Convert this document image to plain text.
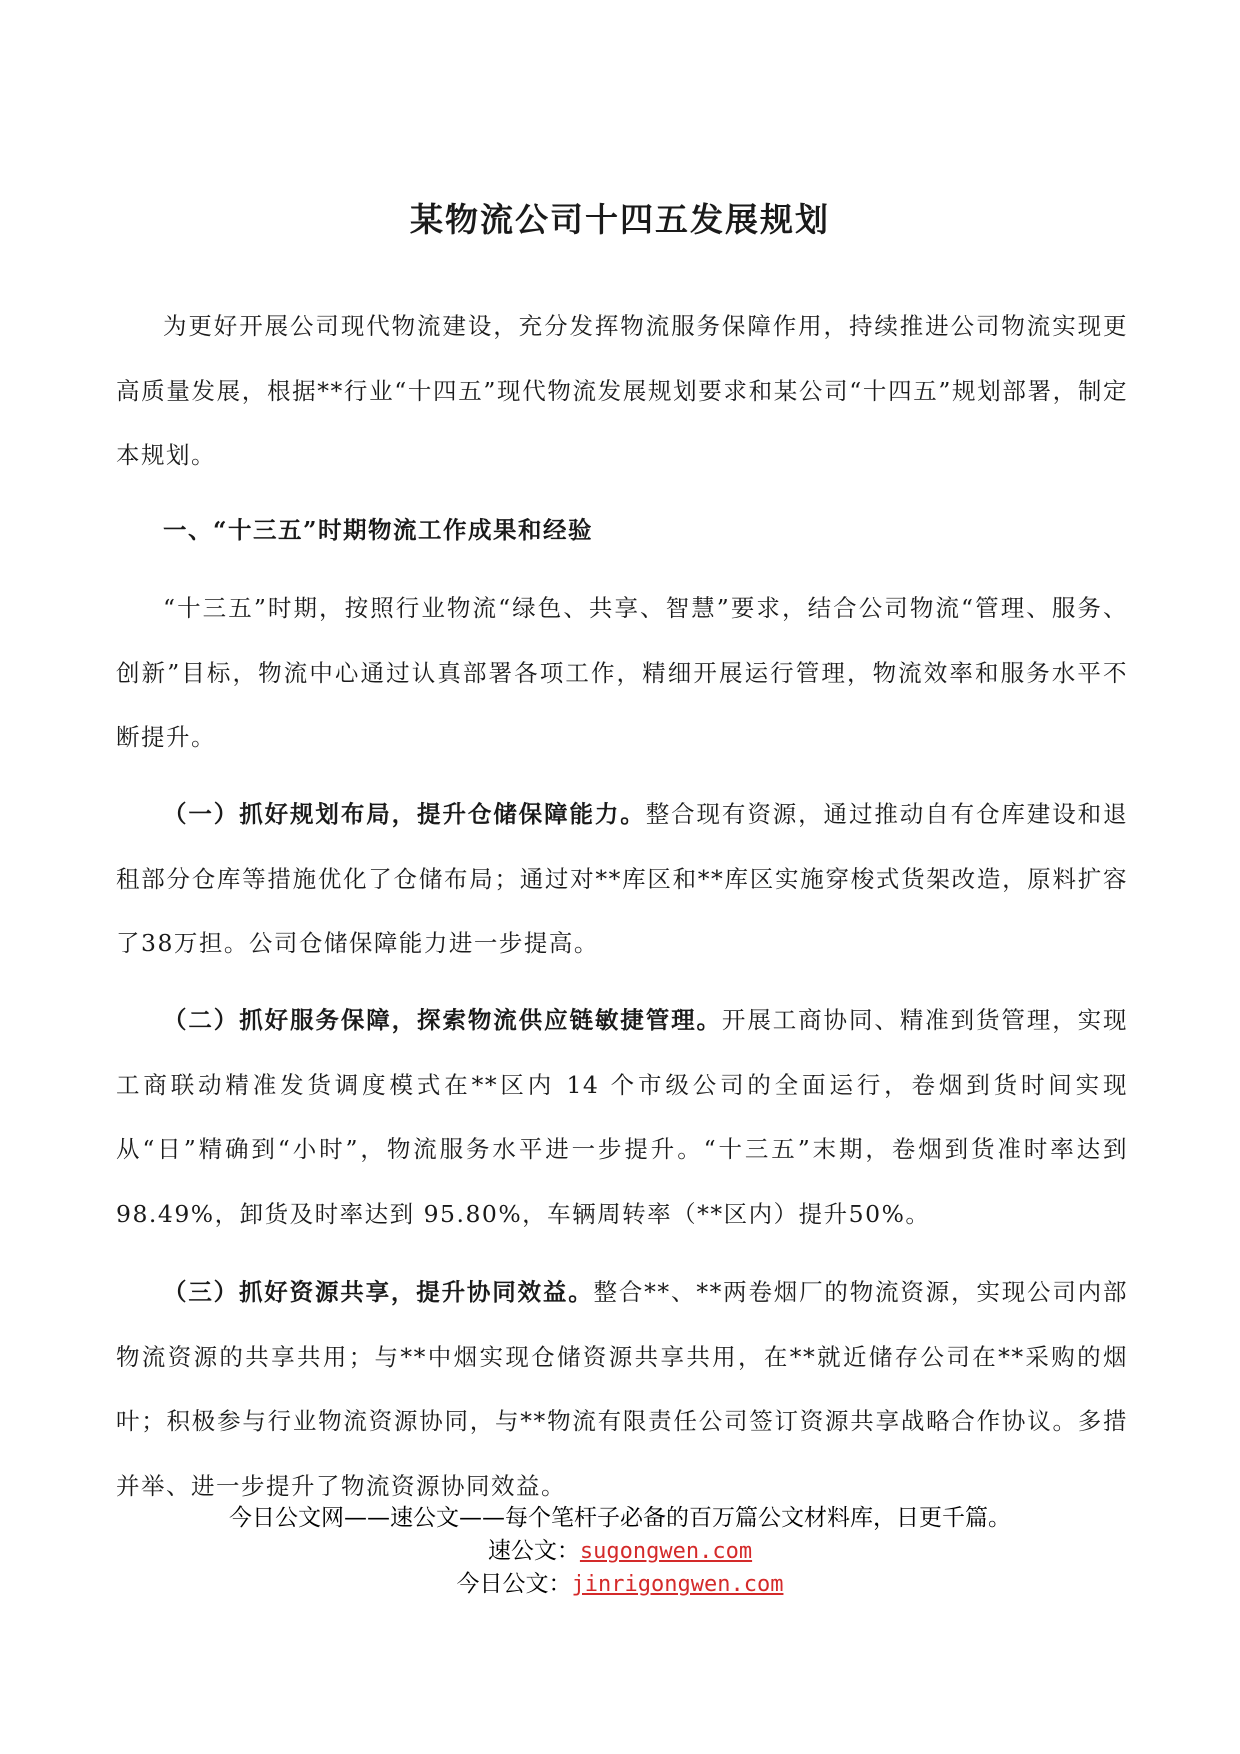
某物流公司十四五发展规划

为更好开展公司现代物流建设，充分发挥物流服务保障作用，持续推进公司物流实现更高质量发展，根据**行业“十四五”现代物流发展规划要求和某公司“十四五”规划部署，制定本规划。

一、“十三五”时期物流工作成果和经验

“十三五”时期，按照行业物流“绿色、共享、智慧”要求，结合公司物流“管理、服务、创新”目标，物流中心通过认真部署各项工作，精细开展运行管理，物流效率和服务水平不断提升。

（一）抓好规划布局，提升仓储保障能力。整合现有资源，通过推动自有仓库建设和退租部分仓库等措施优化了仓储布局；通过对**库区和**库区实施穿梭式货架改造，原料扩容了38万担。公司仓储保障能力进一步提高。

（二）抓好服务保障，探索物流供应链敏捷管理。开展工商协同、精准到货管理，实现工商联动精准发货调度模式在**区内 14 个市级公司的全面运行，卷烟到货时间实现从“日”精确到“小时”，物流服务水平进一步提升。“十三五”末期，卷烟到货准时率达到98.49%，卸货及时率达到 95.80%，车辆周转率（**区内）提升50%。

（三）抓好资源共享，提升协同效益。整合**、**两卷烟厂的物流资源，实现公司内部物流资源的共享共用；与**中烟实现仓储资源共享共用，在**就近储存公司在**采购的烟叶；积极参与行业物流资源协同，与**物流有限责任公司签订资源共享战略合作协议。多措并举、进一步提升了物流资源协同效益。

今日公文网——速公文——每个笔杆子必备的百万篇公文材料库，日更千篇。

速公文：sugongwen.com

今日公文：jinrigongwen.com
